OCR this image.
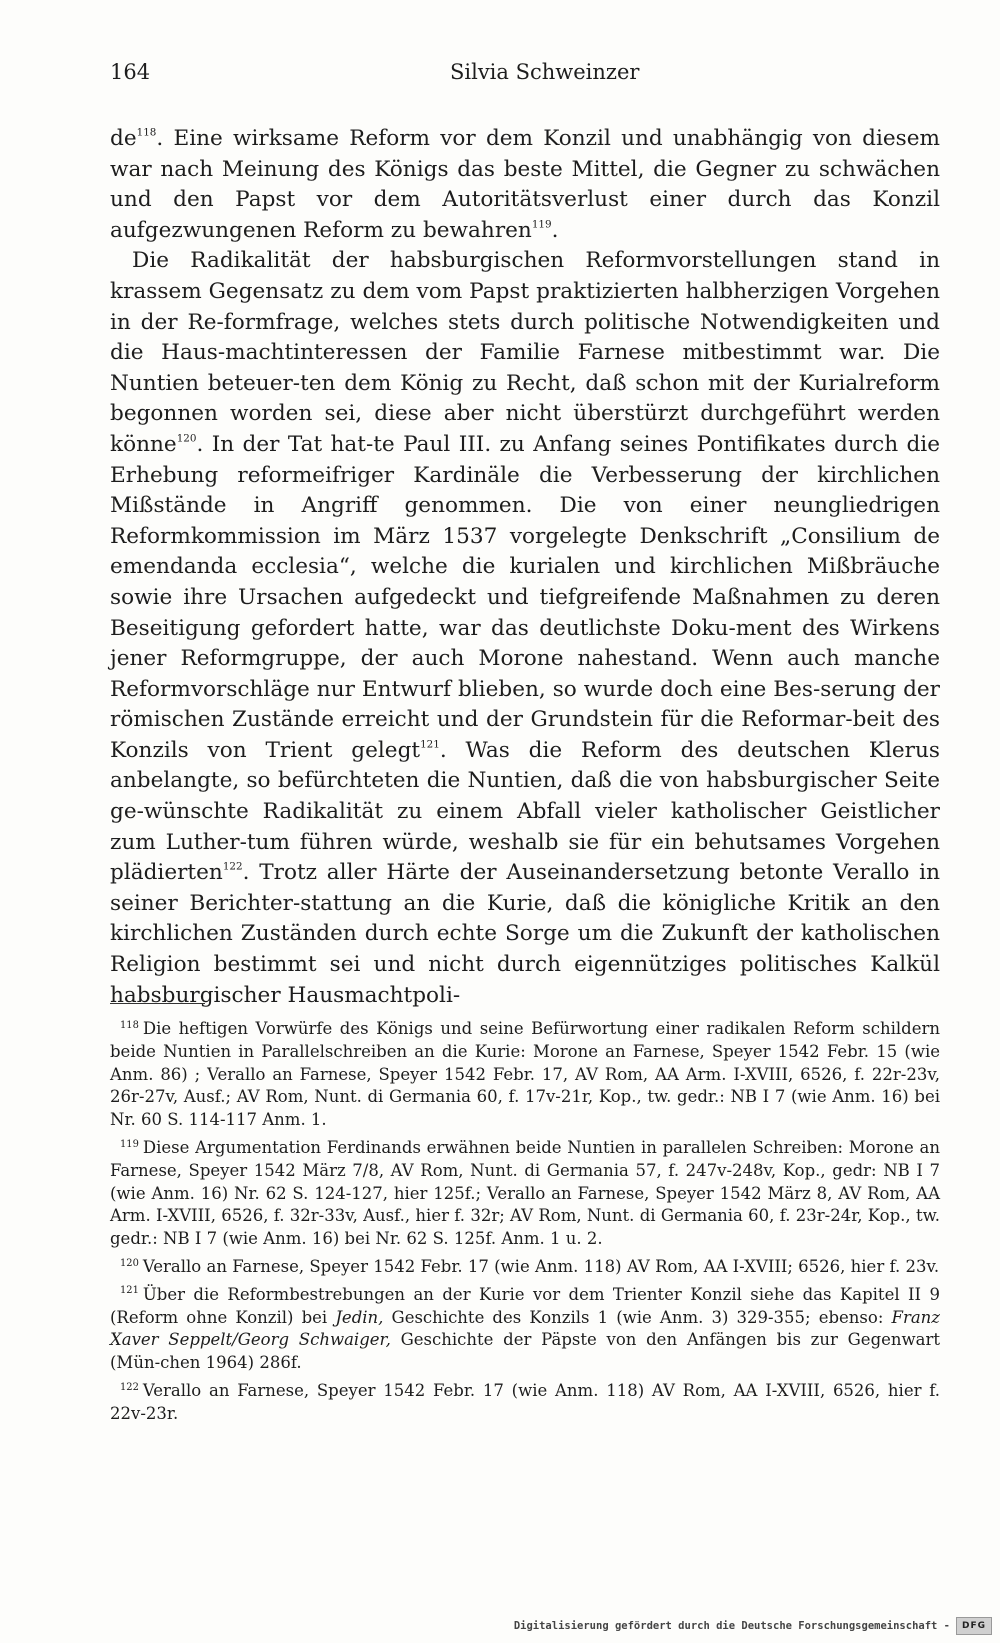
164	Silvia Schweinzer

$de^{118}$. Eine wirksame Reform vor dem Konzil und unabhängig von diesem war nach Meinung des Königs das beste Mittel, die Gegner zu schwächen und den Papst vor dem Autoritätsverlust einer durch das Konzil aufgezwungenen Reform zu bewahren$^{119}$.

Die Radikalität der habsburgischen Reformvorstellungen stand in krassem Gegensatz zu dem vom Papst praktizierten halbherzigen Vorgehen in der Re-formfrage, welches stets durch politische Notwendigkeiten und die Haus-machtinteressen der Familie Farnese mitbestimmt war. Die Nuntien beteuer-ten dem König zu Recht, daß schon mit der Kurialreform begonnen worden sei, diese aber nicht überstürzt durchgeführt werden könne$^{120}$. In der Tat hat-te Paul III. zu Anfang seines Pontifikates durch die Erhebung reformeifriger Kardinäle die Verbesserung der kirchlichen Mißstände in Angriff genommen. Die von einer neungliedrigen Reformkommission im März 1537 vorgelegte Denkschrift „Consilium de emendanda ecclesia“, welche die kurialen und kirchlichen Mißbräuche sowie ihre Ursachen aufgedeckt und tiefgreifende Maßnahmen zu deren Beseitigung gefordert hatte, war das deutlichste Doku-ment des Wirkens jener Reformgruppe, der auch Morone nahestand. Wenn auch manche Reformvorschläge nur Entwurf blieben, so wurde doch eine Bes-serung der römischen Zustände erreicht und der Grundstein für die Reformar-beit des Konzils von Trient gelegt$^{121}$. Was die Reform des deutschen Klerus anbelangte, so befürchteten die Nuntien, daß die von habsburgischer Seite ge-wünschte Radikalität zu einem Abfall vieler katholischer Geistlicher zum Luther-tum führen würde, weshalb sie für ein behutsames Vorgehen plädierten$^{122}$. Trotz aller Härte der Auseinandersetzung betonte Verallo in seiner Berichter-stattung an die Kurie, daß die königliche Kritik an den kirchlichen Zuständen durch echte Sorge um die Zukunft der katholischen Religion bestimmt sei und nicht durch eigennütziges politisches Kalkül habsburgischer Hausmachtpoli-

$^{118}$ Die heftigen Vorwürfe des Königs und seine Befürwortung einer radikalen Reform schildern beide Nuntien in Parallelschreiben an die Kurie: Morone an Farnese, Speyer 1542 Febr. 15 (wie Anm. 86) ; Verallo an Farnese, Speyer 1542 Febr. 17, AV Rom, AA Arm. I-XVIII, 6526, f. 22r-23v, 26r-27v, Ausf.; AV Rom, Nunt. di Germania 60, f. 17v-21r, Kop., tw. gedr.: NB I 7 (wie Anm. 16) bei Nr. 60 S. 114-117 Anm. 1.

$^{119}$ Diese Argumentation Ferdinands erwähnen beide Nuntien in parallelen Schreiben: Morone an Farnese, Speyer 1542 März 7/8, AV Rom, Nunt. di Germania 57, f. 247v-248v, Kop., gedr: NB I 7 (wie Anm. 16) Nr. 62 S. 124-127, hier 125f.; Verallo an Farnese, Speyer 1542 März 8, AV Rom, AA Arm. I-XVIII, 6526, f. 32r-33v, Ausf., hier f. 32r; AV Rom, Nunt. di Germania 60, f. 23r-24r, Kop., tw. gedr.: NB I 7 (wie Anm. 16) bei Nr. 62 S. 125f. Anm. 1 u. 2.

$^{120}$ Verallo an Farnese, Speyer 1542 Febr. 17 (wie Anm. 118) AV Rom, AA I-XVIII; 6526, hier f. 23v.

$^{121}$ Über die Reformbestrebungen an der Kurie vor dem Trienter Konzil siehe das Kapitel II 9 (Reform ohne Konzil) bei Jedin, Geschichte des Konzils 1 (wie Anm. 3) 329-355; ebenso: Franz Xaver Seppelt/Georg Schwaiger, Geschichte der Päpste von den Anfängen bis zur Gegenwart (Mün-chen 1964) 286f.

$^{122}$ Verallo an Farnese, Speyer 1542 Febr. 17 (wie Anm. 118) AV Rom, AA I-XVIII, 6526, hier f. 22v-23r.

Digitalisierung gefördert durch die Deutsche Forschungsgemeinschaft -	DFG
